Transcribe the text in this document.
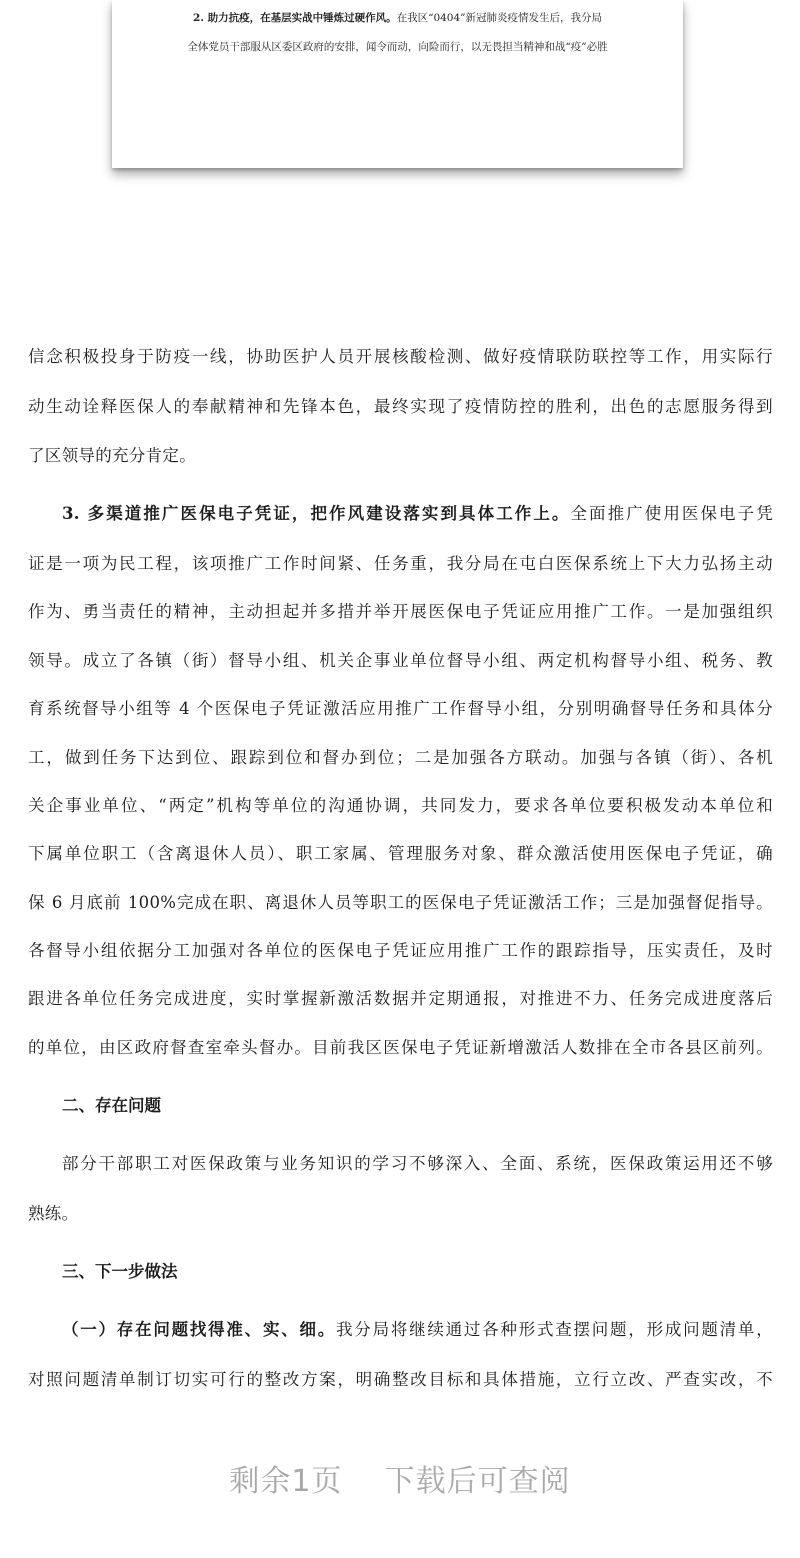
2. 助力抗疫，在基层实战中锤炼过硬作风。在我区“0404”新冠肺炎疫情发生后，我分局
全体党员干部服从区委区政府的安排，闻令而动，向险而行，以无畏担当精神和战“疫”必胜
信念积极投身于防疫一线，协助医护人员开展核酸检测、做好疫情联防联控等工作，用实际行
动生动诠释医保人的奉献精神和先锋本色，最终实现了疫情防控的胜利，出色的志愿服务得到
了区领导的充分肯定。
3. 多渠道推广医保电子凭证，把作风建设落实到具体工作上。全面推广使用医保电子凭
证是一项为民工程，该项推广工作时间紧、任务重，我分局在屯白医保系统上下大力弘扬主动
作为、勇当责任的精神，主动担起并多措并举开展医保电子凭证应用推广工作。一是加强组织
领导。成立了各镇（街）督导小组、机关企事业单位督导小组、两定机构督导小组、税务、教
育系统督导小组等 4 个医保电子凭证激活应用推广工作督导小组，分别明确督导任务和具体分
工，做到任务下达到位、跟踪到位和督办到位；二是加强各方联动。加强与各镇（街）、各机
关企事业单位、“两定”机构等单位的沟通协调，共同发力，要求各单位要积极发动本单位和
下属单位职工（含离退休人员）、职工家属、管理服务对象、群众激活使用医保电子凭证，确
保 6 月底前 100%完成在职、离退休人员等职工的医保电子凭证激活工作；三是加强督促指导。
各督导小组依据分工加强对各单位的医保电子凭证应用推广工作的跟踪指导，压实责任，及时
跟进各单位任务完成进度，实时掌握新激活数据并定期通报，对推进不力、任务完成进度落后
的单位，由区政府督查室牵头督办。目前我区医保电子凭证新增激活人数排在全市各县区前列。
二、存在问题
部分干部职工对医保政策与业务知识的学习不够深入、全面、系统，医保政策运用还不够
熟练。
三、下一步做法
（一）存在问题找得准、实、细。我分局将继续通过各种形式查摆问题，形成问题清单，
对照问题清单制订切实可行的整改方案，明确整改目标和具体措施，立行立改、严查实改，不
剩余1页 下载后可查阅
